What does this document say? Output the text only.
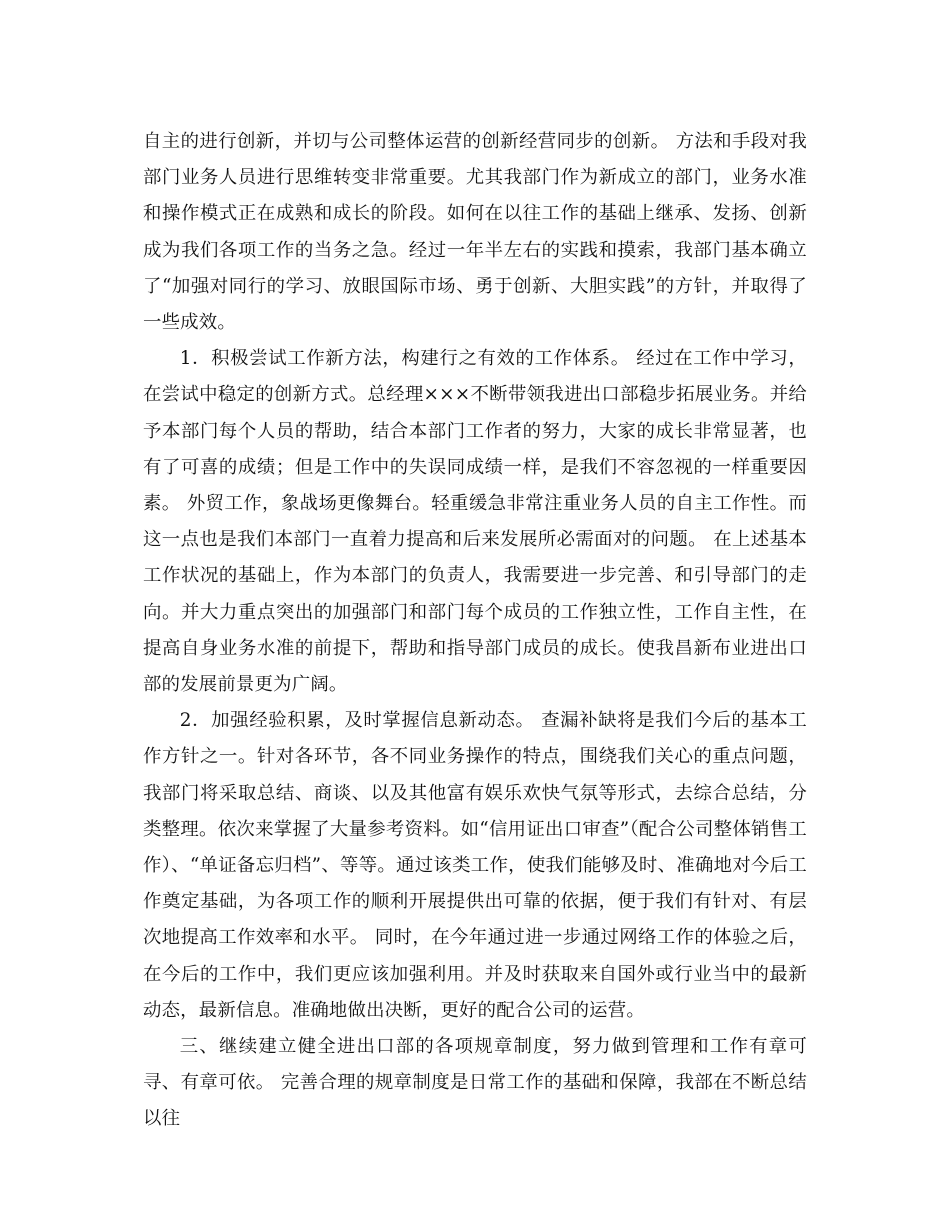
自主的进行创新，并切与公司整体运营的创新经营同步的创新。 方法和手段对我部门业务人员进行思维转变非常重要。尤其我部门作为新成立的部门，业务水准和操作模式正在成熟和成长的阶段。如何在以往工作的基础上继承、发扬、创新成为我们各项工作的当务之急。经过一年半左右的实践和摸索，我部门基本确立了“加强对同行的学习、放眼国际市场、勇于创新、大胆实践”的方针，并取得了一些成效。

1．积极尝试工作新方法，构建行之有效的工作体系。 经过在工作中学习，在尝试中稳定的创新方式。总经理×××不断带领我进出口部稳步拓展业务。并给予本部门每个人员的帮助，结合本部门工作者的努力，大家的成长非常显著，也有了可喜的成绩；但是工作中的失误同成绩一样，是我们不容忽视的一样重要因素。 外贸工作，象战场更像舞台。轻重缓急非常注重业务人员的自主工作性。而这一点也是我们本部门一直着力提高和后来发展所必需面对的问题。 在上述基本工作状况的基础上，作为本部门的负责人，我需要进一步完善、和引导部门的走向。并大力重点突出的加强部门和部门每个成员的工作独立性，工作自主性，在提高自身业务水准的前提下，帮助和指导部门成员的成长。使我昌新布业进出口部的发展前景更为广阔。

2．加强经验积累，及时掌握信息新动态。 查漏补缺将是我们今后的基本工作方针之一。针对各环节，各不同业务操作的特点，围绕我们关心的重点问题，我部门将采取总结、商谈、以及其他富有娱乐欢快气氛等形式，去综合总结，分类整理。依次来掌握了大量参考资料。如“信用证出口审查”（配合公司整体销售工作）、“单证备忘归档”、等等。通过该类工作，使我们能够及时、准确地对今后工作奠定基础，为各项工作的顺利开展提供出可靠的依据，便于我们有针对、有层次地提高工作效率和水平。 同时，在今年通过进一步通过网络工作的体验之后，在今后的工作中，我们更应该加强利用。并及时获取来自国外或行业当中的最新动态，最新信息。准确地做出决断，更好的配合公司的运营。

三、继续建立健全进出口部的各项规章制度，努力做到管理和工作有章可寻、有章可依。 完善合理的规章制度是日常工作的基础和保障，我部在不断总结以往
